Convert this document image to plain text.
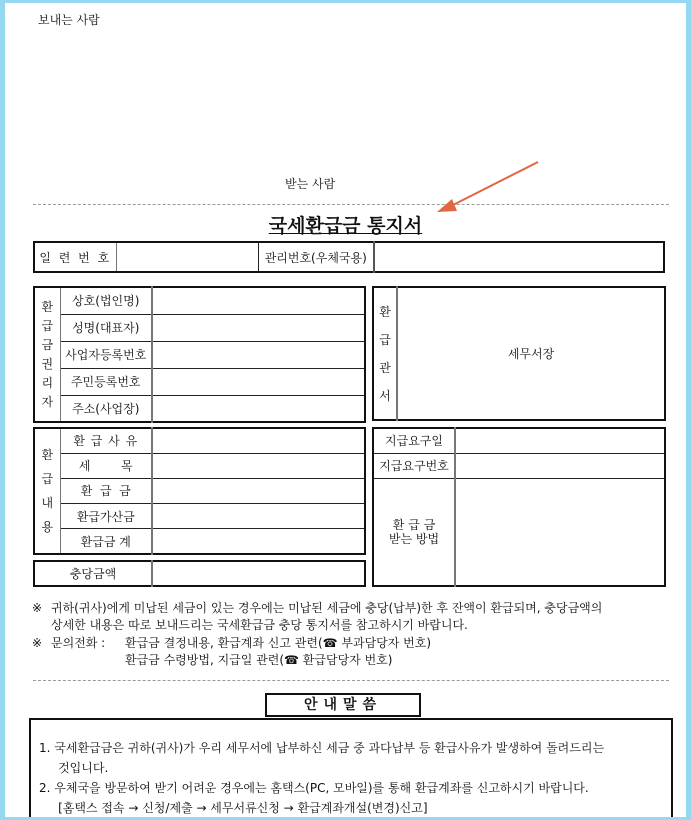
보내는 사람
받는 사람
국세환급금 통지서
일 련 번 호		관리번호(우체국용)	
환
급
금
권
리
자	상호(법인명)	
	성명(대표자)	
	사업자등록번호	
	주민등록번호	
	주소(사업장)	
환
급
관
서	세무서장
환
급
내
용	환 급 사 유	
	세        목	
	환  급  금	
	환급가산금	
	환급금 계	
충당금액	
지급요구일	
지급요구번호	
환 급 금
받는 방법	
※ 귀하(귀사)에게 미납된 세금이 있는 경우에는 미납된 세금에 충당(납부)한 후 잔액이 환급되며, 충당금액의
상세한 내용은 따로 보내드리는 국세환급금 충당 통지서를 참고하시기 바랍니다.
※ 문의전화 : 환급금 결정내용, 환급계좌 신고 관련(☎ 부과담당자 번호)
환급금 수령방법, 지급일 관련(☎ 환급담당자 번호)
안내말씀

1. 국세환급금은 귀하(귀사)가 우리 세무서에 납부하신 세금 중 과다납부 등 환급사유가 발생하여 돌려드리는

것입니다.

2. 우체국을 방문하여 받기 어려운 경우에는 홈택스(PC, 모바일)를 통해 환급계좌를 신고하시기 바랍니다.

[홈택스 접속 → 신청/제출 → 세무서류신청 → 환급계좌개설(변경)신고]
